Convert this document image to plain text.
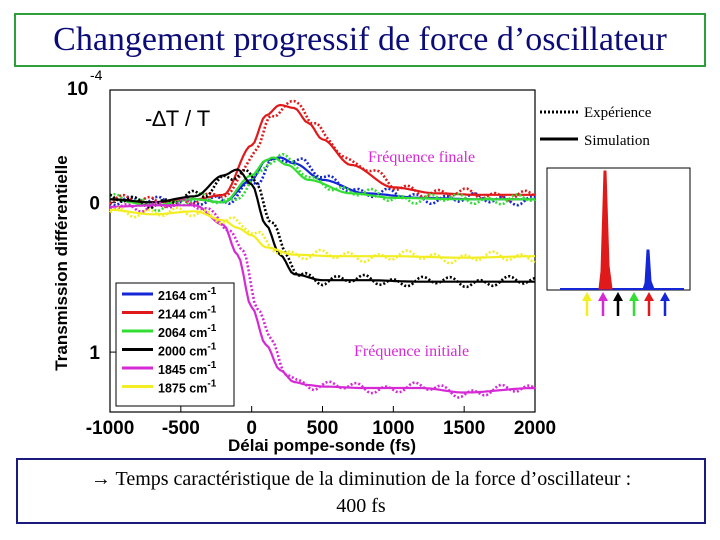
Changement progressif de force d’oscillateur
Transmission différentielle
Délai pompe-sonde (fs)
10
-4
-∆T / T
-1000 -500 0	500 1000 1500 2000
0
1
Fréquence finale
Fréquence initiale
2164 $cm^{-1}$
2144 $cm^{-1}$
2064 $cm^{-1}$
2000 $cm^{-1}$
1845 $cm^{-1}$
1875 $cm^{-1}$
Expérience
Simulation
→ Temps caractéristique de la diminution de la force d’oscillateur :
400 fs
